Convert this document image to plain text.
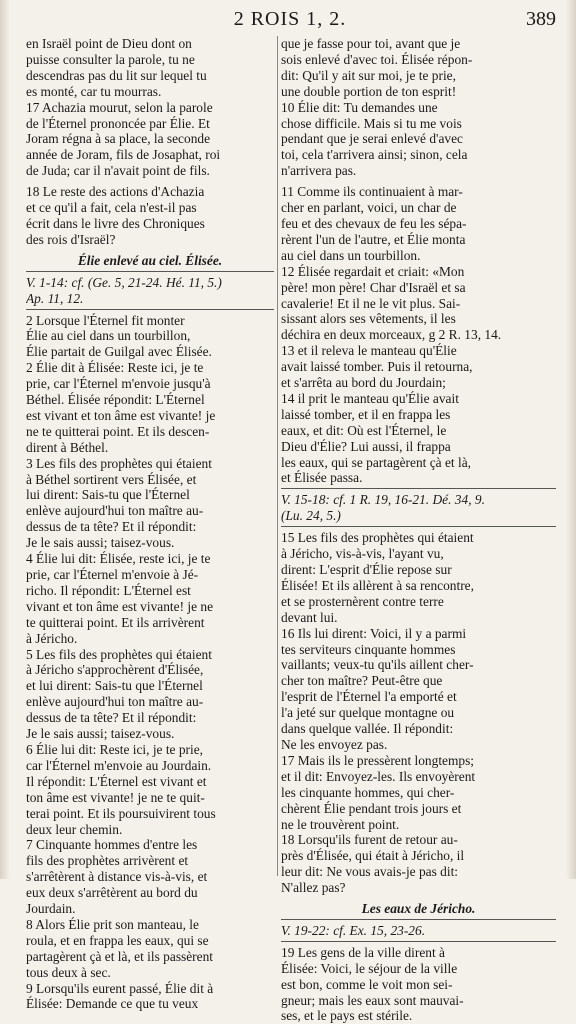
2 ROIS 1, 2.	389
en Israël point de Dieu dont on
puisse consulter la parole, tu ne
descendras pas du lit sur lequel tu
es monté, car tu mourras.
17 Achazia mourut, selon la parole
de l'Éternel prononcée par Élie. Et
Joram régna à sa place, la seconde
année de Joram, fils de Josaphat, roi
de Juda; car il n'avait point de fils.
18 Le reste des actions d'Achazia
et ce qu'il a fait, cela n'est-il pas
écrit dans le livre des Chroniques
des rois d'Israël?
Élie enlevé au ciel. Élisée.
V. 1-14: cf. (Ge. 5, 21-24. Hé. 11, 5.)
Ap. 11, 12.
2 Lorsque l'Éternel fit monter
Élie au ciel dans un tourbillon,
Élie partait de Guilgal avec Élisée.
2 Élie dit à Élisée: Reste ici, je te
prie, car l'Éternel m'envoie jusqu'à
Béthel. Élisée répondit: L'Éternel
est vivant et ton âme est vivante! je
ne te quitterai point. Et ils descen-
dirent à Béthel.
3 Les fils des prophètes qui étaient
à Béthel sortirent vers Élisée, et
lui dirent: Sais-tu que l'Éternel
enlève aujourd'hui ton maître au-
dessus de ta tête? Et il répondit:
Je le sais aussi; taisez-vous.
4 Élie lui dit: Élisée, reste ici, je te
prie, car l'Éternel m'envoie à Jé-
richo. Il répondit: L'Éternel est
vivant et ton âme est vivante! je ne
te quitterai point. Et ils arrivèrent
à Jéricho.
5 Les fils des prophètes qui étaient
à Jéricho s'approchèrent d'Élisée,
et lui dirent: Sais-tu que l'Éternel
enlève aujourd'hui ton maître au-
dessus de ta tête? Et il répondit:
Je le sais aussi; taisez-vous.
6 Élie lui dit: Reste ici, je te prie,
car l'Éternel m'envoie au Jourdain.
Il répondit: L'Éternel est vivant et
ton âme est vivante! je ne te quit-
terai point. Et ils poursuivirent tous
deux leur chemin.
7 Cinquante hommes d'entre les
fils des prophètes arrivèrent et
s'arrêtèrent à distance vis-à-vis, et
eux deux s'arrêtèrent au bord du
Jourdain.
8 Alors Élie prit son manteau, le
roula, et en frappa les eaux, qui se
partagèrent çà et là, et ils passèrent
tous deux à sec.
9 Lorsqu'ils eurent passé, Élie dit à
Élisée: Demande ce que tu veux
que je fasse pour toi, avant que je
sois enlevé d'avec toi. Élisée répon-
dit: Qu'il y ait sur moi, je te prie,
une double portion de ton esprit!
10 Élie dit: Tu demandes une
chose difficile. Mais si tu me vois
pendant que je serai enlevé d'avec
toi, cela t'arrivera ainsi; sinon, cela
n'arrivera pas.
11 Comme ils continuaient à mar-
cher en parlant, voici, un char de
feu et des chevaux de feu les sépa-
rèrent l'un de l'autre, et Élie monta
au ciel dans un tourbillon.
12 Élisée regardait et criait: «Mon
père! mon père! Char d'Israël et sa
cavalerie! Et il ne le vit plus. Sai-
sissant alors ses vêtements, il les
déchira en deux morceaux, g 2 R. 13, 14.
13 et il releva le manteau qu'Élie
avait laissé tomber. Puis il retourna,
et s'arrêta au bord du Jourdain;
14 il prit le manteau qu'Élie avait
laissé tomber, et il en frappa les
eaux, et dit: Où est l'Éternel, le
Dieu d'Élie? Lui aussi, il frappa
les eaux, qui se partagèrent çà et là,
et Élisée passa.
V. 15-18: cf. 1 R. 19, 16-21. Dé. 34, 9.
(Lu. 24, 5.)
15 Les fils des prophètes qui étaient
à Jéricho, vis-à-vis, l'ayant vu,
dirent: L'esprit d'Élie repose sur
Élisée! Et ils allèrent à sa rencontre,
et se prosternèrent contre terre
devant lui.
16 Ils lui dirent: Voici, il y a parmi
tes serviteurs cinquante hommes
vaillants; veux-tu qu'ils aillent cher-
cher ton maître? Peut-être que
l'esprit de l'Éternel l'a emporté et
l'a jeté sur quelque montagne ou
dans quelque vallée. Il répondit:
Ne les envoyez pas.
17 Mais ils le pressèrent longtemps;
et il dit: Envoyez-les. Ils envoyèrent
les cinquante hommes, qui cher-
chèrent Élie pendant trois jours et
ne le trouvèrent point.
18 Lorsqu'ils furent de retour au-
près d'Élisée, qui était à Jéricho, il
leur dit: Ne vous avais-je pas dit:
N'allez pas?
Les eaux de Jéricho.
V. 19-22: cf. Ex. 15, 23-26.
19 Les gens de la ville dirent à
Élisée: Voici, le séjour de la ville
est bon, comme le voit mon sei-
gneur; mais les eaux sont mauvai-
ses, et le pays est stérile.
